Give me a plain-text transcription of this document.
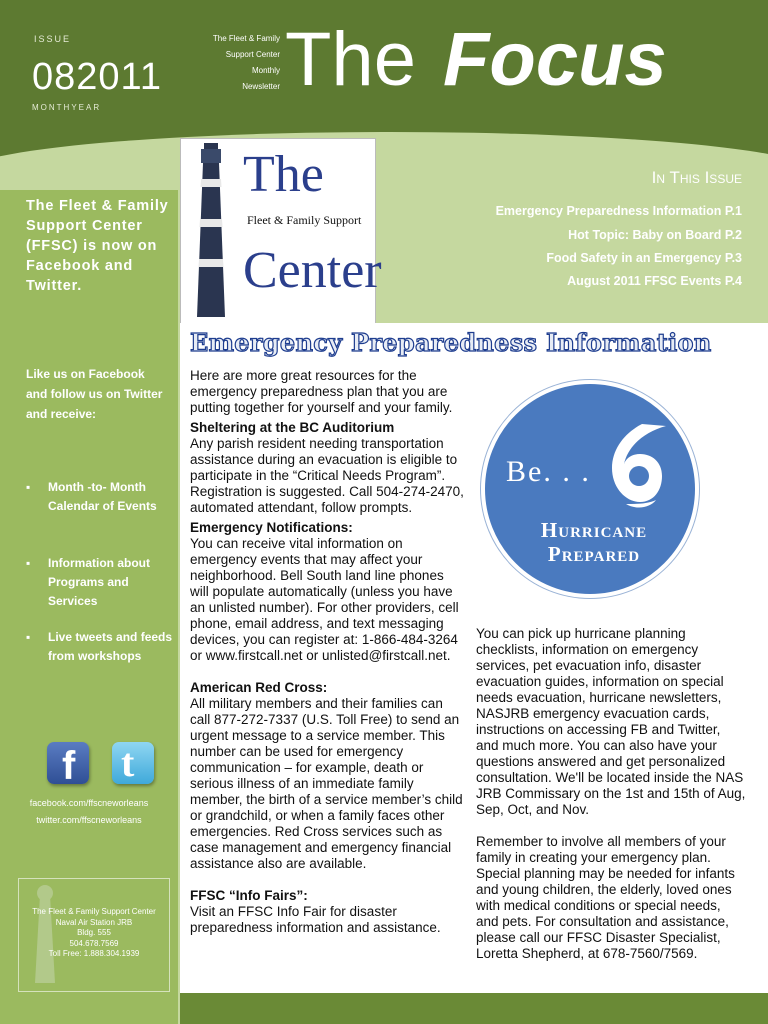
ISSUE
082011
MONTHYEAR
The Fleet & Family
Support Center
Monthly
Newsletter The Focus
The
Fleet & Family Support
Center
In This Issue
Emergency Preparedness Information P.1
Hot Topic: Baby on Board P.2
Food Safety in an Emergency P.3
August 2011 FFSC Events P.4
The Fleet & Family Support Center (FFSC) is now on Facebook and Twitter.
Like us on Facebook and follow us on Twitter and receive:
▪ Month -to- Month Calendar of Events
▪ Information about Programs and Services
▪ Live tweets and feeds from workshops
f t
facebook.com/ffscneworleans
twitter.com/ffscneworleans
The Fleet & Family Support Center
Naval Air Station JRB
Bldg. 555
504.678.7569
Toll Free: 1.888.304.1939
Emergency Preparedness Information

Here are more great resources for the emergency preparedness plan that you are putting together for yourself and your family.

Sheltering at the BC Auditorium

Any parish resident needing transportation assistance during an evacuation is eligible to participate in the “Critical Needs Program”. Registration is suggested. Call 504-274-2470, automated attendant, follow prompts.

Emergency Notifications:

You can receive vital information on emergency events that may affect your neighborhood. Bell South land line phones will populate automatically (unless you have an unlisted number). For other providers, cell phone, email address, and text messaging devices, you can register at: 1-866-484-3264 or www.firstcall.net or unlisted@firstcall.net.

American Red Cross:

All military members and their families can call 877-272-7337 (U.S. Toll Free) to send an urgent message to a service member. This number can be used for emergency communication – for example, death or serious illness of an immediate family member, the birth of a service member’s child or grandchild, or when a family faces other emergencies. Red Cross services such as case management and emergency financial assistance also are available.

FFSC “Info Fairs”:

Visit an FFSC Info Fair for disaster preparedness information and assistance.

Be. . .
Hurricane
Prepared

You can pick up hurricane planning checklists, information on emergency services, pet evacuation info, disaster evacuation guides, information on special needs evacuation, hurricane newsletters, NASJRB emergency evacuation cards, instructions on accessing FB and Twitter, and much more. You can also have your questions answered and get personalized consultation. We'll be located inside the NAS JRB Commissary on the 1st and 15th of Aug, Sep, Oct, and Nov.

Remember to involve all members of your family in creating your emergency plan. Special planning may be needed for infants and young children, the elderly, loved ones with medical conditions or special needs, and pets. For consultation and assistance, please call our FFSC Disaster Specialist, Loretta Shepherd, at 678-7560/7569.
